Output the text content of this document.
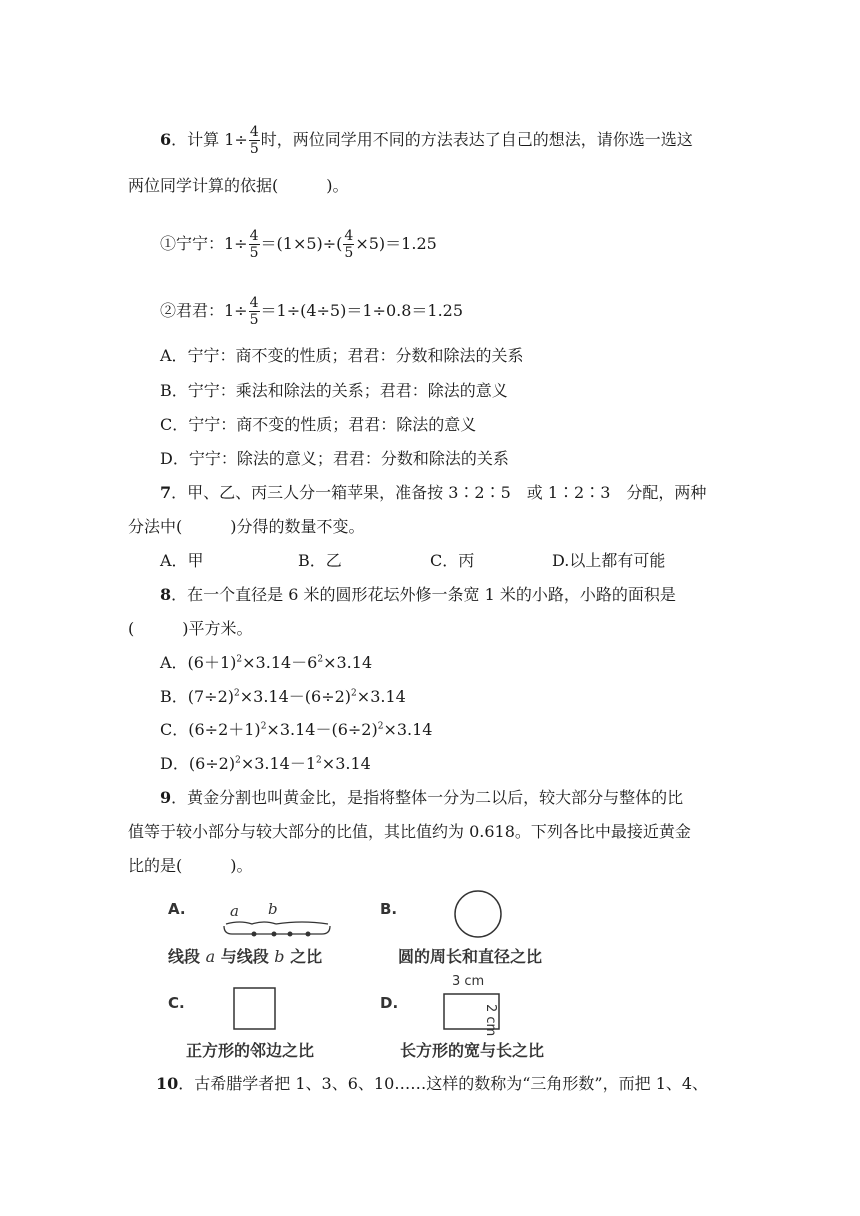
6．计算 $1\div \frac{4}{5}$ 时，两位同学用不同的方法表达了自己的想法，请你选一选这
两位同学计算的依据(　　　)。
①宁宁：$1\div \frac{4}{5} =(1\times 5)\div( \frac{4}{5} \times 5)=1.25$
②君君：$1\div \frac{4}{5} =1\div(4\div 5)=1\div 0.8=1.25$
A．宁宁：商不变的性质；君君：分数和除法的关系
B．宁宁：乘法和除法的关系；君君：除法的意义
C．宁宁：商不变的性质；君君：除法的意义
D．宁宁：除法的意义；君君：分数和除法的关系
7．甲、乙、丙三人分一箱苹果，准备按 3∶2∶5　或 1∶2∶3　分配，两种
分法中(　　　)分得的数量不变。
A．甲	B．乙	C．丙	D.以上都有可能
8．在一个直径是 6 米的圆形花坛外修一条宽 1 米的小路，小路的面积是
(　　　)平方米。
A．$(6+1)^2\times 3.14-6^2\times 3.14$
B．$(7\div 2)^2\times 3.14-(6\div 2)^2\times 3.14$
C．$(6\div 2+1)^2\times 3.14-(6\div 2)^2\times 3.14$
D．$(6\div 2)^2\times 3.14-1^2\times 3.14$
9．黄金分割也叫黄金比，是指将整体一分为二以后，较大部分与整体的比
值等于较小部分与较大部分的比值，其比值约为 0.618。下列各比中最接近黄金
比的是(　　　)。
A.	a b
线段 a 与线段 b 之比
B.
圆的周长和直径之比
C.
正方形的邻边之比
D.
3 cm
2 cm
长方形的宽与长之比
10．古希腊学者把 1、3、6、10……这样的数称为“三角形数”，而把 1、4、
